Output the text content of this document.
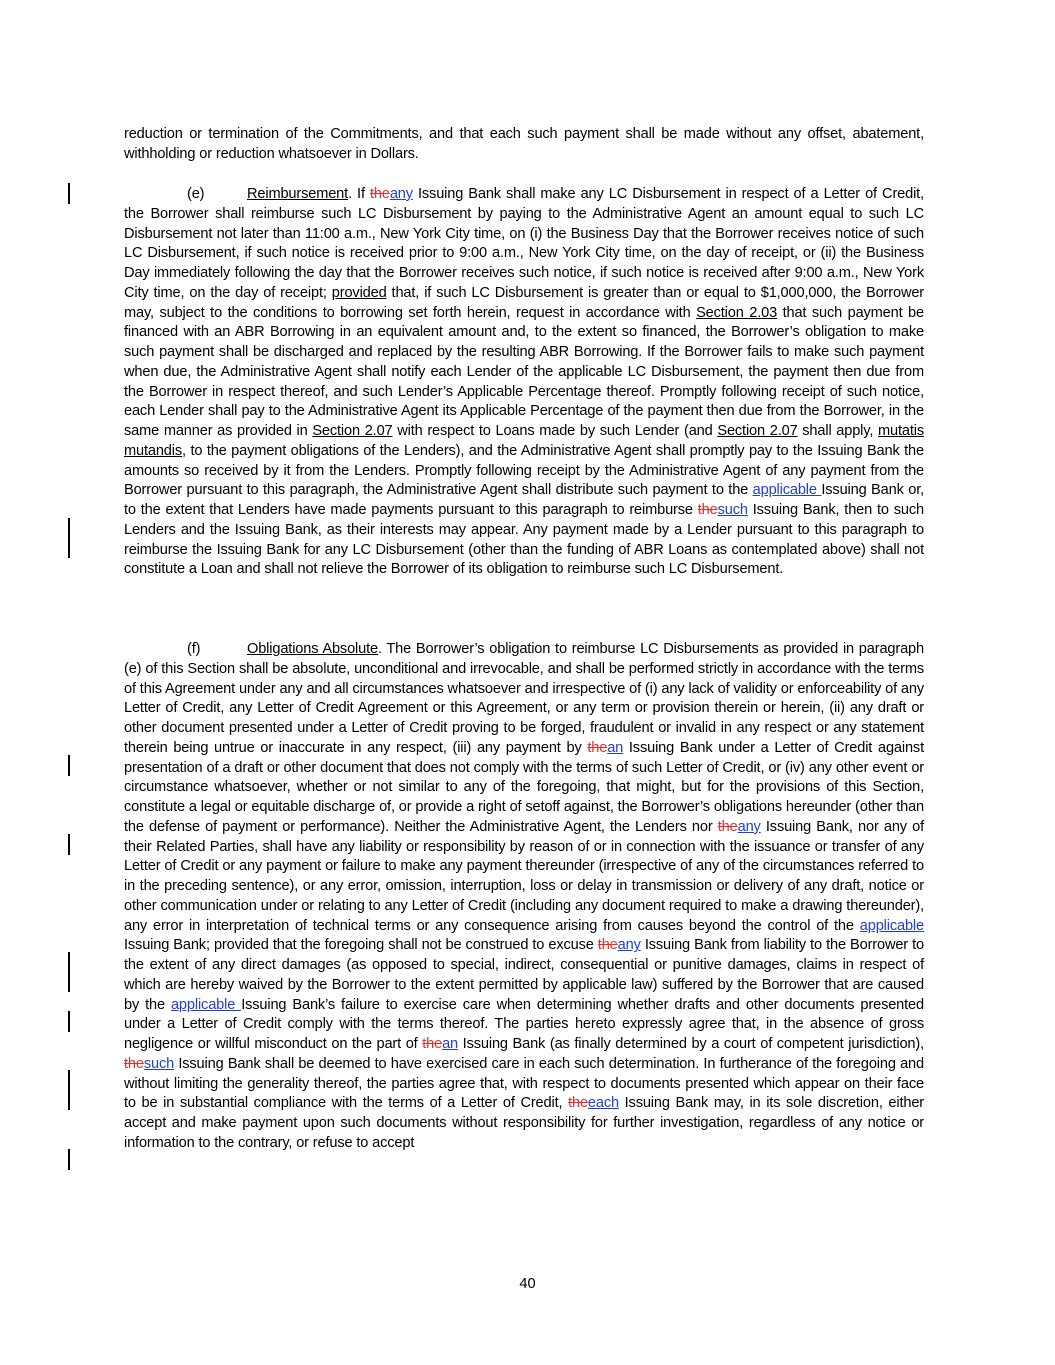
reduction or termination of the Commitments, and that each such payment shall be made without any offset, abatement, withholding or reduction whatsoever in Dollars.
(e)	Reimbursement. If theany Issuing Bank shall make any LC Disbursement in respect of a Letter of Credit, the Borrower shall reimburse such LC Disbursement by paying to the Administrative Agent an amount equal to such LC Disbursement not later than 11:00 a.m., New York City time, on (i) the Business Day that the Borrower receives notice of such LC Disbursement, if such notice is received prior to 9:00 a.m., New York City time, on the day of receipt, or (ii) the Business Day immediately following the day that the Borrower receives such notice, if such notice is received after 9:00 a.m., New York City time, on the day of receipt; provided that, if such LC Disbursement is greater than or equal to $1,000,000, the Borrower may, subject to the conditions to borrowing set forth herein, request in accordance with Section 2.03 that such payment be financed with an ABR Borrowing in an equivalent amount and, to the extent so financed, the Borrower’s obligation to make such payment shall be discharged and replaced by the resulting ABR Borrowing. If the Borrower fails to make such payment when due, the Administrative Agent shall notify each Lender of the applicable LC Disbursement, the payment then due from the Borrower in respect thereof, and such Lender’s Applicable Percentage thereof. Promptly following receipt of such notice, each Lender shall pay to the Administrative Agent its Applicable Percentage of the payment then due from the Borrower, in the same manner as provided in Section 2.07 with respect to Loans made by such Lender (and Section 2.07 shall apply, mutatis mutandis, to the payment obligations of the Lenders), and the Administrative Agent shall promptly pay to the Issuing Bank the amounts so received by it from the Lenders. Promptly following receipt by the Administrative Agent of any payment from the Borrower pursuant to this paragraph, the Administrative Agent shall distribute such payment to the applicable Issuing Bank or, to the extent that Lenders have made payments pursuant to this paragraph to reimburse thesuch Issuing Bank, then to such Lenders and the Issuing Bank, as their interests may appear. Any payment made by a Lender pursuant to this paragraph to reimburse the Issuing Bank for any LC Disbursement (other than the funding of ABR Loans as contemplated above) shall not constitute a Loan and shall not relieve the Borrower of its obligation to reimburse such LC Disbursement.
(f)	Obligations Absolute. The Borrower’s obligation to reimburse LC Disbursements as provided in paragraph (e) of this Section shall be absolute, unconditional and irrevocable, and shall be performed strictly in accordance with the terms of this Agreement under any and all circumstances whatsoever and irrespective of (i) any lack of validity or enforceability of any Letter of Credit, any Letter of Credit Agreement or this Agreement, or any term or provision therein or herein, (ii) any draft or other document presented under a Letter of Credit proving to be forged, fraudulent or invalid in any respect or any statement therein being untrue or inaccurate in any respect, (iii) any payment by thean Issuing Bank under a Letter of Credit against presentation of a draft or other document that does not comply with the terms of such Letter of Credit, or (iv) any other event or circumstance whatsoever, whether or not similar to any of the foregoing, that might, but for the provisions of this Section, constitute a legal or equitable discharge of, or provide a right of setoff against, the Borrower’s obligations hereunder (other than the defense of payment or performance). Neither the Administrative Agent, the Lenders nor theany Issuing Bank, nor any of their Related Parties, shall have any liability or responsibility by reason of or in connection with the issuance or transfer of any Letter of Credit or any payment or failure to make any payment thereunder (irrespective of any of the circumstances referred to in the preceding sentence), or any error, omission, interruption, loss or delay in transmission or delivery of any draft, notice or other communication under or relating to any Letter of Credit (including any document required to make a drawing thereunder), any error in interpretation of technical terms or any consequence arising from causes beyond the control of the applicable Issuing Bank; provided that the foregoing shall not be construed to excuse theany Issuing Bank from liability to the Borrower to the extent of any direct damages (as opposed to special, indirect, consequential or punitive damages, claims in respect of which are hereby waived by the Borrower to the extent permitted by applicable law) suffered by the Borrower that are caused by the applicable Issuing Bank’s failure to exercise care when determining whether drafts and other documents presented under a Letter of Credit comply with the terms thereof. The parties hereto expressly agree that, in the absence of gross negligence or willful misconduct on the part of thean Issuing Bank (as finally determined by a court of competent jurisdiction), thesuch Issuing Bank shall be deemed to have exercised care in each such determination. In furtherance of the foregoing and without limiting the generality thereof, the parties agree that, with respect to documents presented which appear on their face to be in substantial compliance with the terms of a Letter of Credit, theeach Issuing Bank may, in its sole discretion, either accept and make payment upon such documents without responsibility for further investigation, regardless of any notice or information to the contrary, or refuse to accept
40
